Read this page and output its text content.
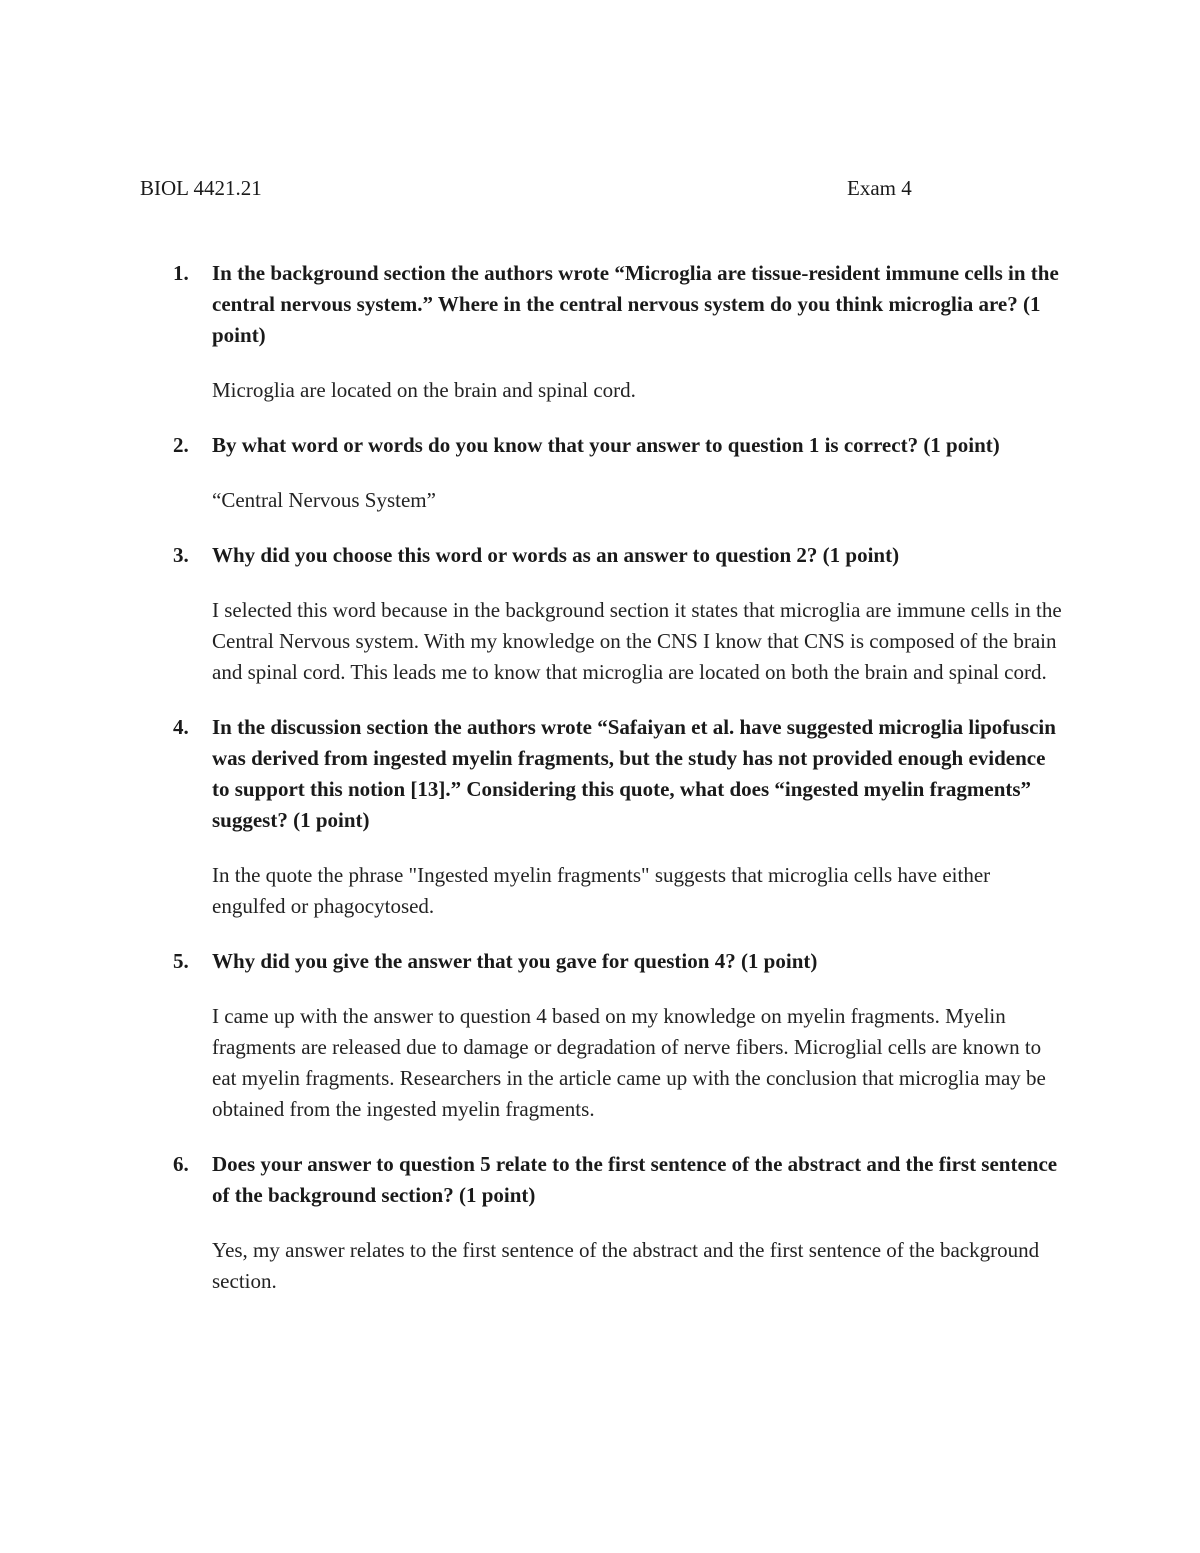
BIOL 4421.21	Exam 4
1. In the background section the authors wrote “Microglia are tissue-resident immune cells in the central nervous system.” Where in the central nervous system do you think microglia are? (1 point)

Microglia are located on the brain and spinal cord.

2. By what word or words do you know that your answer to question 1 is correct? (1 point)

“Central Nervous System”

3. Why did you choose this word or words as an answer to question 2? (1 point)

I selected this word because in the background section it states that microglia are immune cells in the Central Nervous system. With my knowledge on the CNS I know that CNS is composed of the brain and spinal cord. This leads me to know that microglia are located on both the brain and spinal cord.

4. In the discussion section the authors wrote “Safaiyan et al. have suggested microglia lipofuscin was derived from ingested myelin fragments, but the study has not provided enough evidence to support this notion [13].” Considering this quote, what does “ingested myelin fragments” suggest? (1 point)

In the quote the phrase "Ingested myelin fragments" suggests that microglia cells have either engulfed or phagocytosed.

5. Why did you give the answer that you gave for question 4? (1 point)

I came up with the answer to question 4 based on my knowledge on myelin fragments. Myelin fragments are released due to damage or degradation of nerve fibers. Microglial cells are known to eat myelin fragments. Researchers in the article came up with the conclusion that microglia may be obtained from the ingested myelin fragments.

6. Does your answer to question 5 relate to the first sentence of the abstract and the first sentence of the background section? (1 point)

Yes, my answer relates to the first sentence of the abstract and the first sentence of the background section.
